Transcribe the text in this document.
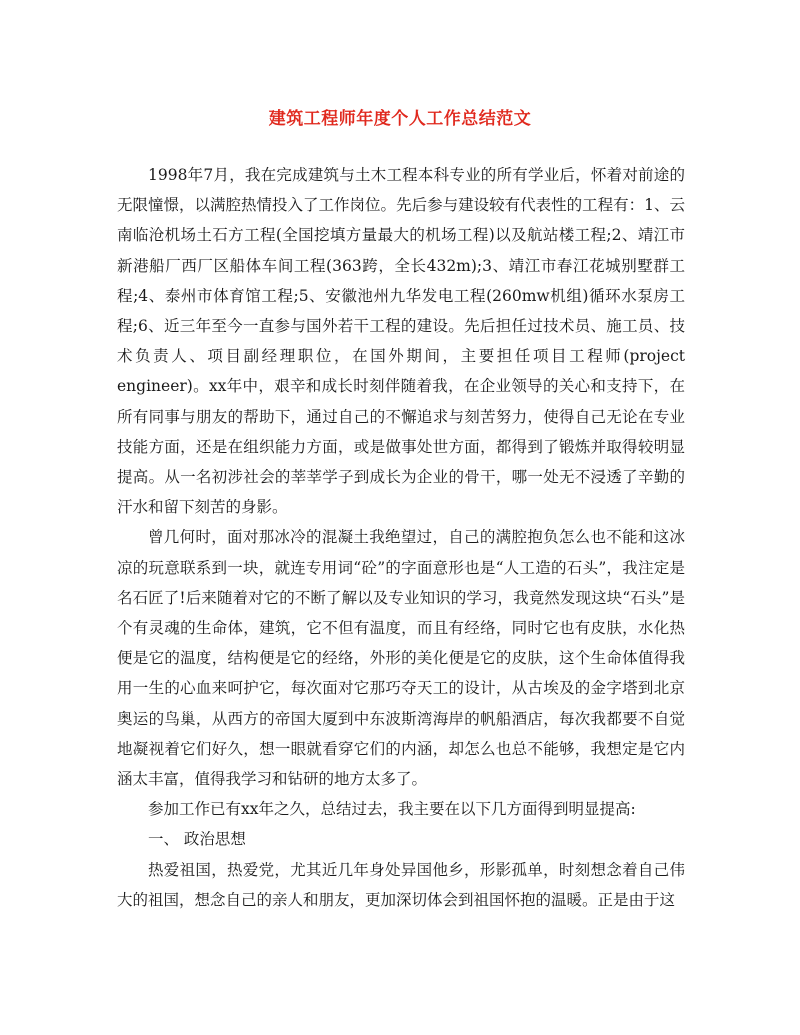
建筑工程师年度个人工作总结范文

1998年7月，我在完成建筑与土木工程本科专业的所有学业后，怀着对前途的无限憧憬，以满腔热情投入了工作岗位。先后参与建设较有代表性的工程有：1、云南临沧机场土石方工程(全国挖填方量最大的机场工程)以及航站楼工程;2、靖江市新港船厂西厂区船体车间工程(363跨，全长432m);3、靖江市春江花城别墅群工程;4、泰州市体育馆工程;5、安徽池州九华发电工程(260mw机组)循环水泵房工程;6、近三年至今一直参与国外若干工程的建设。先后担任过技术员、施工员、技术负责人、项目副经理职位，在国外期间，主要担任项目工程师(project engineer)。xx年中，艰辛和成长时刻伴随着我，在企业领导的关心和支持下，在所有同事与朋友的帮助下，通过自己的不懈追求与刻苦努力，使得自己无论在专业技能方面，还是在组织能力方面，或是做事处世方面，都得到了锻炼并取得较明显提高。从一名初涉社会的莘莘学子到成长为企业的骨干，哪一处无不浸透了辛勤的汗水和留下刻苦的身影。

曾几何时，面对那冰冷的混凝土我绝望过，自己的满腔抱负怎么也不能和这冰凉的玩意联系到一块，就连专用词“砼”的字面意形也是“人工造的石头”，我注定是名石匠了!后来随着对它的不断了解以及专业知识的学习，我竟然发现这块“石头”是个有灵魂的生命体，建筑，它不但有温度，而且有经络，同时它也有皮肤，水化热便是它的温度，结构便是它的经络，外形的美化便是它的皮肤，这个生命体值得我用一生的心血来呵护它，每次面对它那巧夺天工的设计，从古埃及的金字塔到北京奥运的鸟巢，从西方的帝国大厦到中东波斯湾海岸的帆船酒店，每次我都要不自觉地凝视着它们好久，想一眼就看穿它们的内涵，却怎么也总不能够，我想定是它内涵太丰富，值得我学习和钻研的地方太多了。

参加工作已有xx年之久，总结过去，我主要在以下几方面得到明显提高:

一、 政治思想

热爱祖国，热爱党，尤其近几年身处异国他乡，形影孤单，时刻想念着自己伟大的祖国，想念自己的亲人和朋友，更加深切体会到祖国怀抱的温暖。正是由于这
